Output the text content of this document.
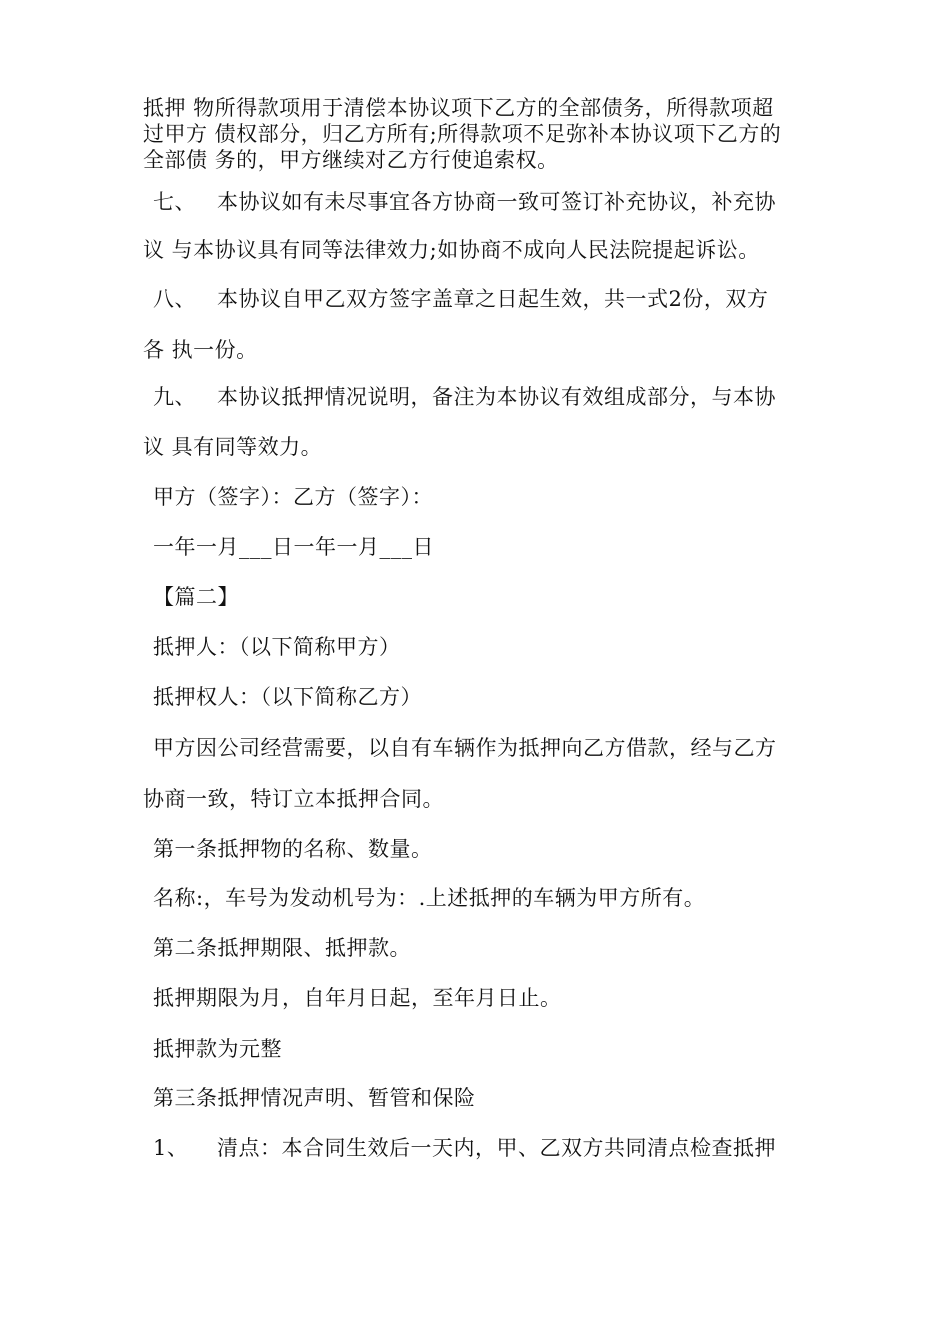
抵押 物所得款项用于清偿本协议项下乙方的全部债务，所得款项超
过甲方 债权部分，归乙方所有;所得款项不足弥补本协议项下乙方的
全部债 务的，甲方继续对乙方行使追索权。
七、 本协议如有未尽事宜各方协商一致可签订补充协议，补充协
议 与本协议具有同等法律效力;如协商不成向人民法院提起诉讼。
八、 本协议自甲乙双方签字盖章之日起生效，共一式2份，双方
各 执一份。
九、 本协议抵押情况说明，备注为本协议有效组成部分，与本协
议 具有同等效力。
甲方（签字）：乙方（签字）：
一年一月___日一年一月___日
【篇二】
抵押人：（以下简称甲方）
抵押权人：（以下简称乙方）
甲方因公司经营需要，以自有车辆作为抵押向乙方借款，经与乙方
协商一致，特订立本抵押合同。
第一条抵押物的名称、数量。
名称:，车号为发动机号为：.上述抵押的车辆为甲方所有。
第二条抵押期限、抵押款。
抵押期限为月，自年月日起，至年月日止。
抵押款为元整
第三条抵押情况声明、暂管和保险
1、 清点：本合同生效后一天内，甲、乙双方共同清点检查抵押
